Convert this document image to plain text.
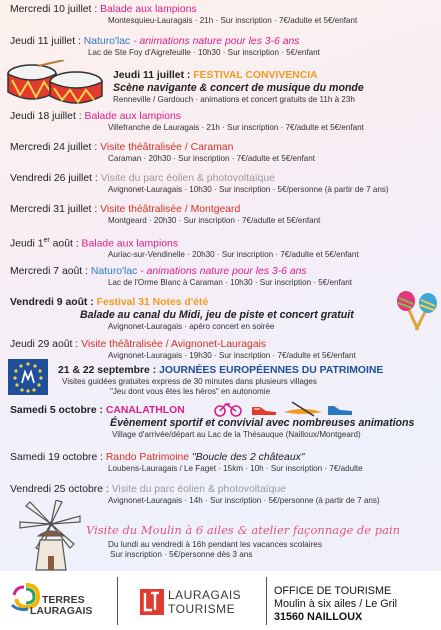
Mercredi 10 juillet : Balade aux lampions
Montesquieu-Lauragais · 21h · Sur inscription · 7€/adulte et 5€/enfant
Jeudi 11 juillet : Naturo'lac - animations nature pour les 3-6 ans
Lac de Ste Foy d'Aigrefeuille · 10h30 · Sur inscription · 5€/enfant
Jeudi 11 juillet : FESTIVAL CONVIVENCIA
Scène navigante & concert de musique du monde
Renneville / Gardouch · animations et concert gratuits de 11h à 23h
Jeudi 18 juillet : Balade aux lampions
Villefranche de Lauragais · 21h · Sur inscription · 7€/adulte et 5€/enfant
Mercredi 24 juillet : Visite théâtralisée / Caraman
Caraman · 20h30 · Sur inscription · 7€/adulte et 5€/enfant
Vendredi 26 juillet : Visite du parc éolien & photovoltaïque
Avignonet-Lauragais · 10h30 · Sur inscription · 5€/personne (à partir de 7 ans)
Mercredi 31 juillet : Visite théâtralisée / Montgeard
Montgeard · 20h30 · Sur inscription · 7€/adulte et 5€/enfant
Jeudi 1er août : Balade aux lampions
Auriac-sur-Vendinelle · 20h30 · Sur inscription · 7€/adulte et 5€/enfant
Mercredi 7 août : Naturo'lac - animations nature pour les 3-6 ans
Lac de l'Orme Blanc à Caraman · 10h30 · Sur inscription · 5€/enfant
Vendredi 9 août : Festival 31 Notes d'été
Balade au canal du Midi, jeu de piste et concert gratuit
Avignonet-Lauragais · apéro concert en soirée
Jeudi 29 août : Visite théâtralisée / Avignonet-Lauragais
Avignonet-Lauragais · 19h30 · Sur inscription · 7€/adulte et 5€/enfant
21 & 22 septembre : JOURNÉES EUROPÉENNES DU PATRIMOINE
Visites guidées gratuites express de 30 minutes dans plusieurs villages
"Jeu dont vous êtes les héros" en autonomie
Samedi 5 octobre : CANALATHLON
Évènement sportif et convivial avec nombreuses animations
Village d'arrivée/départ au Lac de la Thésauque (Nailloux/Montgeard)
Samedi 19 octobre : Rando Patrimoine "Boucle des 2 châteaux"
Loubens-Lauragais / Le Faget · 15km · 10h · Sur inscription · 7€/adulte
Vendredi 25 octobre : Visite du parc éolien & photovoltaïque
Avignonet-Lauragais · 14h · Sur inscription · 5€/personne (à partir de 7 ans)
Visite du Moulin à 6 ailes & atelier façonnage de pain
Du lundi au vendredi à 16h pendant les vacances scolaires
Sur inscription · 5€/personne dès 3 ans
TERRES
LAURAGAIS
LAURAGAIS
TOURISME
OFFICE DE TOURISME
Moulin à six ailes / Le Gril
31560 NAILLOUX
